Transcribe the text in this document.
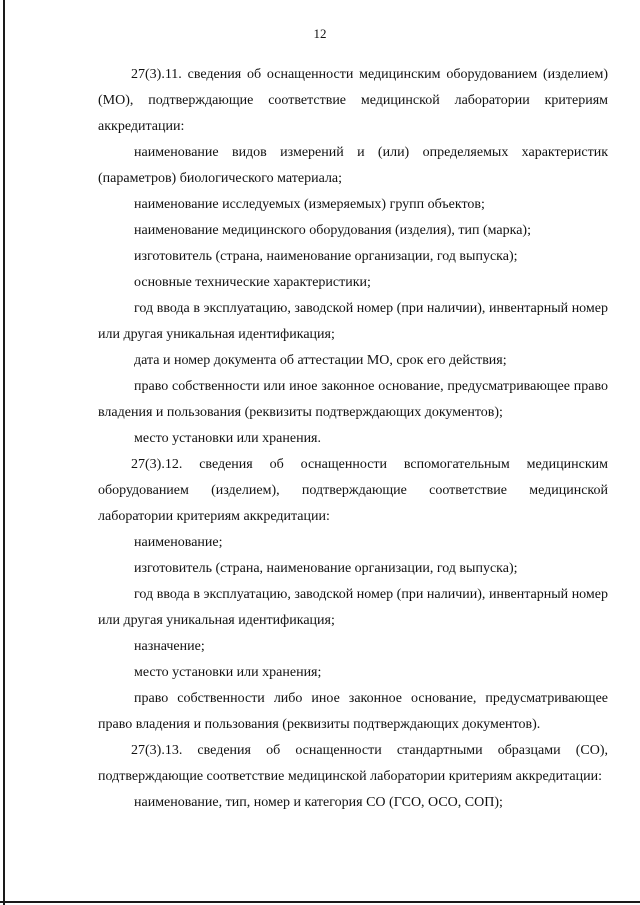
12

27(3).11. сведения об оснащенности медицинским оборудованием (изделием) (МО), подтверждающие соответствие медицинской лаборатории критериям аккредитации:

наименование видов измерений и (или) определяемых характеристик (параметров) биологического материала;

наименование исследуемых (измеряемых) групп объектов;

наименование медицинского оборудования (изделия), тип (марка);

изготовитель (страна, наименование организации, год выпуска);

основные технические характеристики;

год ввода в эксплуатацию, заводской номер (при наличии), инвентарный номер или другая уникальная идентификация;

дата и номер документа об аттестации МО, срок его действия;

право собственности или иное законное основание, предусматривающее право владения и пользования (реквизиты подтверждающих документов);

место установки или хранения.

27(3).12. сведения об оснащенности вспомогательным медицинским оборудованием (изделием), подтверждающие соответствие медицинской лаборатории критериям аккредитации:

наименование;

изготовитель (страна, наименование организации, год выпуска);

год ввода в эксплуатацию, заводской номер (при наличии), инвентарный номер или другая уникальная идентификация;

назначение;

место установки или хранения;

право собственности либо иное законное основание, предусматривающее право владения и пользования (реквизиты подтверждающих документов).

27(3).13. сведения об оснащенности стандартными образцами (СО), подтверждающие соответствие медицинской лаборатории критериям аккредитации:

наименование, тип, номер и категория СО (ГСО, ОСО, СОП);
